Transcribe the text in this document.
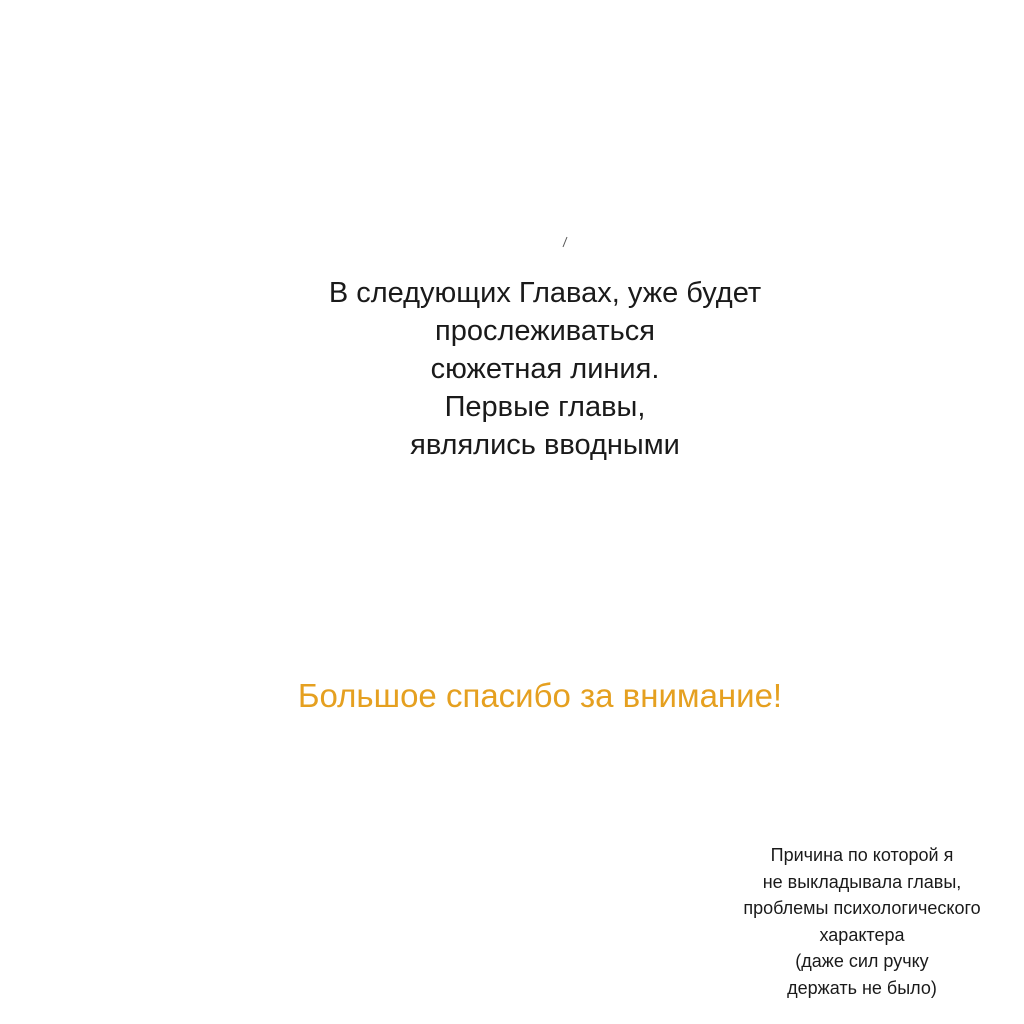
В следующих Главах, уже будет
прослеживаться
сюжетная линия.
Первые главы,
являлись вводными
Большое спасибо за внимание!
Причина по которой я
не выкладывала главы,
проблемы психологического
характера
(даже сил ручку
держать не было)
